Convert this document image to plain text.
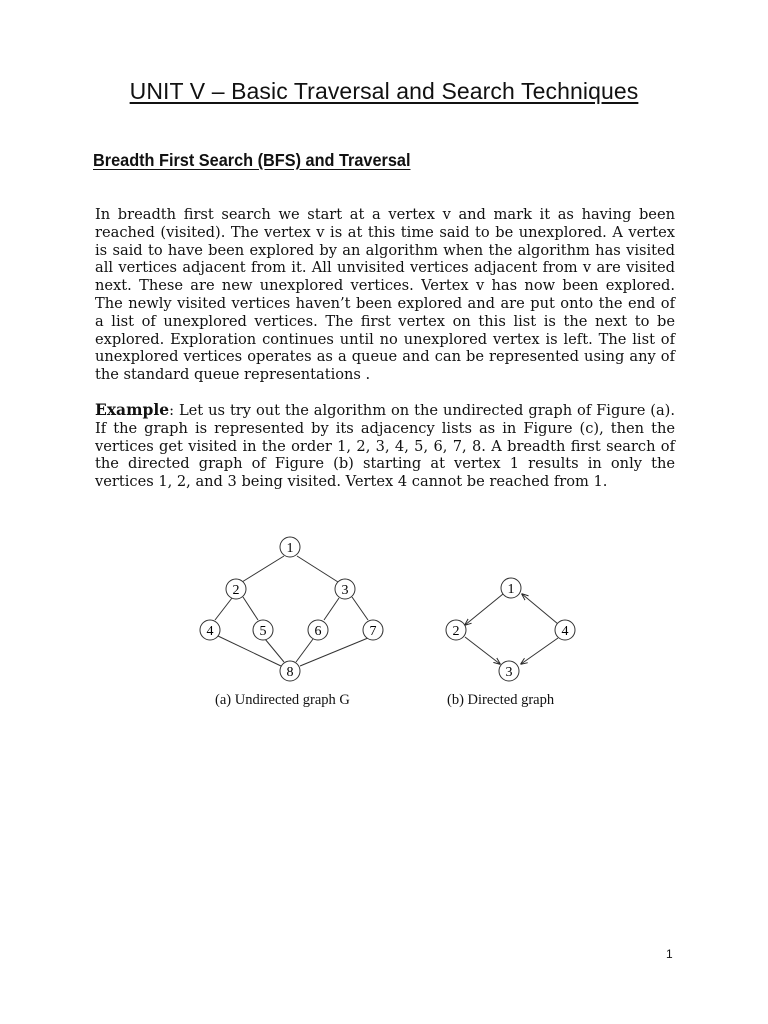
UNIT V – Basic Traversal and Search Techniques
Breadth First Search (BFS) and Traversal
In breadth first search we start at a vertex v and mark it as having been reached (visited). The vertex v is at this time said to be unexplored. A vertex is said to have been explored by an algorithm when the algorithm has visited all vertices adjacent from it. All unvisited vertices adjacent from v are visited next. These are new unexplored vertices. Vertex v has now been explored. The newly visited vertices haven’t been explored and are put onto the end of a list of unexplored vertices. The first vertex on this list is the next to be explored. Exploration continues until no unexplored vertex is left. The list of unexplored vertices operates as a queue and can be represented using any of the standard queue representations .
Example: Let us try out the algorithm on the undirected graph of Figure (a). If the graph is represented by its adjacency lists as in Figure (c), then the vertices get visited in the order 1, 2, 3, 4, 5, 6, 7, 8. A breadth first search of the directed graph of Figure (b) starting at vertex 1 results in only the vertices 1, 2, and 3 being visited. Vertex 4 cannot be reached from 1.
1
2	3
4	5	6	7
8
1
2
3
4
(a) Undirected graph G	(b) Directed graph
1
